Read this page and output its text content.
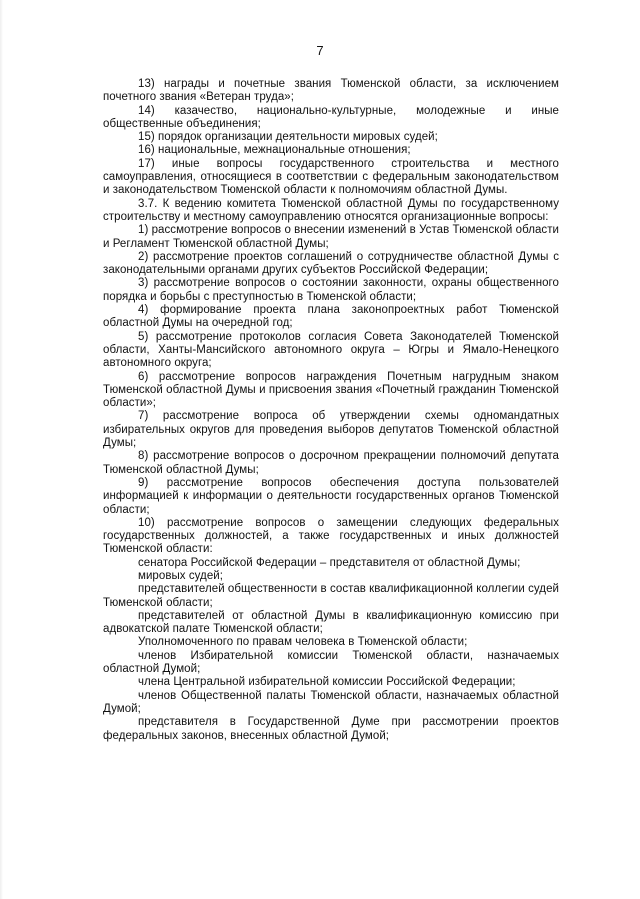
7

13) награды и почетные звания Тюменской области, за исключением почетного звания «Ветеран труда»;

14) казачество, национально-культурные, молодежные и иные общественные объединения;

15) порядок организации деятельности мировых судей;

16) национальные, межнациональные отношения;

17) иные вопросы государственного строительства и местного самоуправления, относящиеся в соответствии с федеральным законодательством и законодательством Тюменской области к полномочиям областной Думы.

3.7. К ведению комитета Тюменской областной Думы по государственному строительству и местному самоуправлению относятся организационные вопросы:

1) рассмотрение вопросов о внесении изменений в Устав Тюменской области и Регламент Тюменской областной Думы;

2) рассмотрение проектов соглашений о сотрудничестве областной Думы с законодательными органами других субъектов Российской Федерации;

3) рассмотрение вопросов о состоянии законности, охраны общественного порядка и борьбы с преступностью в Тюменской области;

4) формирование проекта плана законопроектных работ Тюменской областной Думы на очередной год;

5) рассмотрение протоколов согласия Совета Законодателей Тюменской области, Ханты-Мансийского автономного округа – Югры и Ямало-Ненецкого автономного округа;

6) рассмотрение вопросов награждения Почетным нагрудным знаком Тюменской областной Думы и присвоения звания «Почетный гражданин Тюменской области»;

7) рассмотрение вопроса об утверждении схемы одномандатных избирательных округов для проведения выборов депутатов Тюменской областной Думы;

8) рассмотрение вопросов о досрочном прекращении полномочий депутата Тюменской областной Думы;

9) рассмотрение вопросов обеспечения доступа пользователей информацией к информации о деятельности государственных органов Тюменской области;

10) рассмотрение вопросов о замещении следующих федеральных государственных должностей, а также государственных и иных должностей Тюменской области:

сенатора Российской Федерации – представителя от областной Думы;

мировых судей;

представителей общественности в состав квалификационной коллегии судей Тюменской области;

представителей от областной Думы в квалификационную комиссию при адвокатской палате Тюменской области;

Уполномоченного по правам человека в Тюменской области;

членов Избирательной комиссии Тюменской области, назначаемых областной Думой;

члена Центральной избирательной комиссии Российской Федерации;

членов Общественной палаты Тюменской области, назначаемых областной Думой;

представителя в Государственной Думе при рассмотрении проектов федеральных законов, внесенных областной Думой;
